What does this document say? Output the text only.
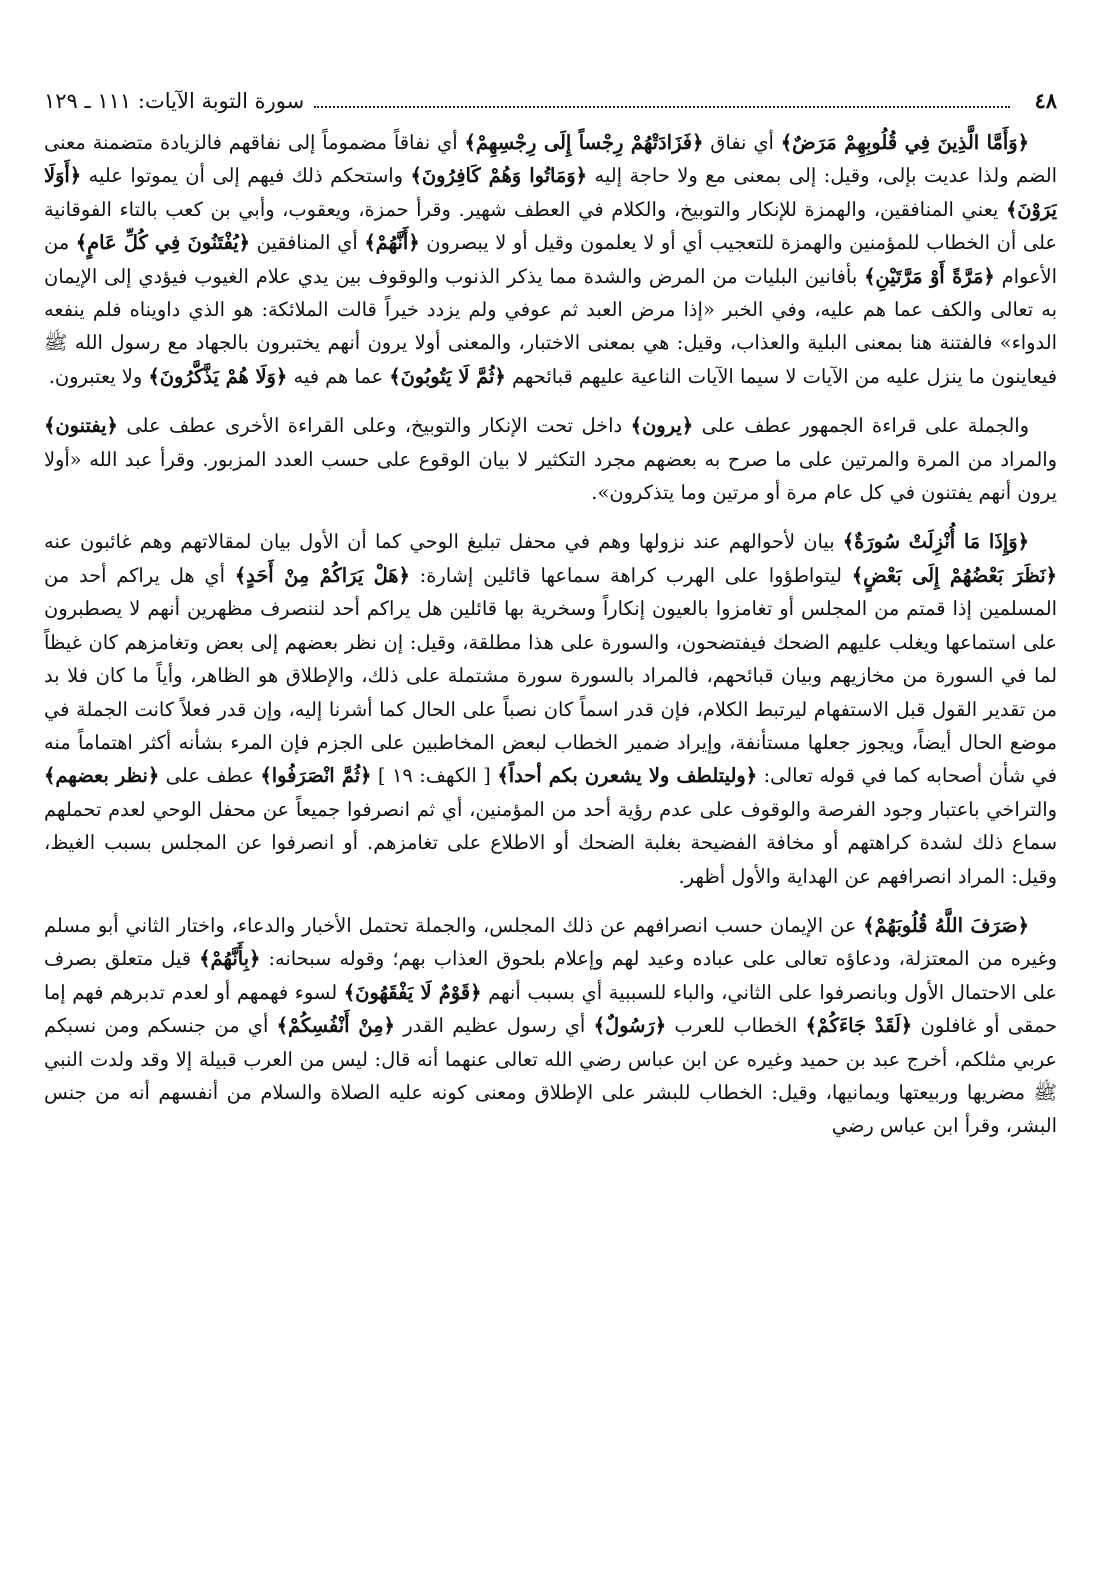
٤٨
سورة التوبة الآيات: ١١١ ـ ١٢٩

﴿وَأَمَّا الَّذِينَ فِي قُلُوبِهِمْ مَرَضٌ﴾ أي نفاق ﴿فَزَادَتْهُمْ رِجْساً إِلَى رِجْسِهِمْ﴾ أي نفاقاً مضموماً إلى نفاقهم فالزيادة متضمنة معنى الضم ولذا عديت بإلى، وقيل: إلى بمعنى مع ولا حاجة إليه ﴿وَمَاتُوا وَهُمْ كَافِرُونَ﴾ واستحكم ذلك فيهم إلى أن يموتوا عليه ﴿أَوَلَا يَرَوْنَ﴾ يعني المنافقين، والهمزة للإنكار والتوبيخ، والكلام في العطف شهير. وقرأ حمزة، ويعقوب، وأبي بن كعب بالتاء الفوقانية على أن الخطاب للمؤمنين والهمزة للتعجيب أي أو لا يعلمون وقيل أو لا يبصرون ﴿أَنَّهُمْ﴾ أي المنافقين ﴿يُفْتَنُونَ فِي كُلِّ عَامٍ﴾ من الأعوام ﴿مَرَّةً أَوْ مَرَّتَيْنِ﴾ بأفانين البليات من المرض والشدة مما يذكر الذنوب والوقوف بين يدي علام الغيوب فيؤدي إلى الإيمان به تعالى والكف عما هم عليه، وفي الخبر «إذا مرض العبد ثم عوفي ولم يزدد خيراً قالت الملائكة: هو الذي داويناه فلم ينفعه الدواء» فالفتنة هنا بمعنى البلية والعذاب، وقيل: هي بمعنى الاختبار، والمعنى أولا يرون أنهم يختبرون بالجهاد مع رسول الله ﷺ فيعاينون ما ينزل عليه من الآيات لا سيما الآيات الناعية عليهم قبائحهم ﴿ثُمَّ لَا يَتُوبُونَ﴾ عما هم فيه ﴿وَلَا هُمْ يَذَّكَّرُونَ﴾ ولا يعتبرون.

والجملة على قراءة الجمهور عطف على ﴿يرون﴾ داخل تحت الإنكار والتوبيخ، وعلى القراءة الأخرى عطف على ﴿يفتنون﴾ والمراد من المرة والمرتين على ما صرح به بعضهم مجرد التكثير لا بيان الوقوع على حسب العدد المزبور. وقرأ عبد الله «أولا يرون أنهم يفتنون في كل عام مرة أو مرتين وما يتذكرون».

﴿وَإِذَا مَا أُنْزِلَتْ سُورَةٌ﴾ بيان لأحوالهم عند نزولها وهم في محفل تبليغ الوحي كما أن الأول بيان لمقالاتهم وهم غائبون عنه ﴿نَظَرَ بَعْضُهُمْ إِلَى بَعْضٍ﴾ ليتواطؤوا على الهرب كراهة سماعها قائلين إشارة: ﴿هَلْ يَرَاكُمْ مِنْ أَحَدٍ﴾ أي هل يراكم أحد من المسلمين إذا قمتم من المجلس أو تغامزوا بالعيون إنكاراً وسخرية بها قائلين هل يراكم أحد لننصرف مظهرين أنهم لا يصطبرون على استماعها ويغلب عليهم الضحك فيفتضحون، والسورة على هذا مطلقة، وقيل: إن نظر بعضهم إلى بعض وتغامزهم كان غيظاً لما في السورة من مخازيهم وبيان قبائحهم، فالمراد بالسورة سورة مشتملة على ذلك، والإطلاق هو الظاهر، وأياً ما كان فلا بد من تقدير القول قبل الاستفهام ليرتبط الكلام، فإن قدر اسماً كان نصباً على الحال كما أشرنا إليه، وإن قدر فعلاً كانت الجملة في موضع الحال أيضاً، ويجوز جعلها مستأنفة، وإيراد ضمير الخطاب لبعض المخاطبين على الجزم فإن المرء بشأنه أكثر اهتماماً منه في شأن أصحابه كما في قوله تعالى: ﴿وليتلطف ولا يشعرن بكم أحداً﴾ [ الكهف: ١٩ ] ﴿ثُمَّ انْصَرَفُوا﴾ عطف على ﴿نظر بعضهم﴾ والتراخي باعتبار وجود الفرصة والوقوف على عدم رؤية أحد من المؤمنين، أي ثم انصرفوا جميعاً عن محفل الوحي لعدم تحملهم سماع ذلك لشدة كراهتهم أو مخافة الفضيحة بغلبة الضحك أو الاطلاع على تغامزهم. أو انصرفوا عن المجلس بسبب الغيظ، وقيل: المراد انصرافهم عن الهداية والأول أظهر.

﴿صَرَفَ اللَّهُ قُلُوبَهُمْ﴾ عن الإيمان حسب انصرافهم عن ذلك المجلس، والجملة تحتمل الأخبار والدعاء، واختار الثاني أبو مسلم وغيره من المعتزلة، ودعاؤه تعالى على عباده وعيد لهم وإعلام بلحوق العذاب بهم؛ وقوله سبحانه: ﴿بِأَنَّهُمْ﴾ قيل متعلق بصرف على الاحتمال الأول وبانصرفوا على الثاني، والباء للسببية أي بسبب أنهم ﴿قَوْمٌ لَا يَفْقَهُونَ﴾ لسوء فهمهم أو لعدم تدبرهم فهم إما حمقى أو غافلون ﴿لَقَدْ جَاءَكُمْ﴾ الخطاب للعرب ﴿رَسُولٌ﴾ أي رسول عظيم القدر ﴿مِنْ أَنْفُسِكُمْ﴾ أي من جنسكم ومن نسبكم عربي مثلكم، أخرج عبد بن حميد وغيره عن ابن عباس رضي الله تعالى عنهما أنه قال: ليس من العرب قبيلة إلا وقد ولدت النبي ﷺ مضريها وربيعتها ويمانيها، وقيل: الخطاب للبشر على الإطلاق ومعنى كونه عليه الصلاة والسلام من أنفسهم أنه من جنس البشر، وقرأ ابن عباس رضي
